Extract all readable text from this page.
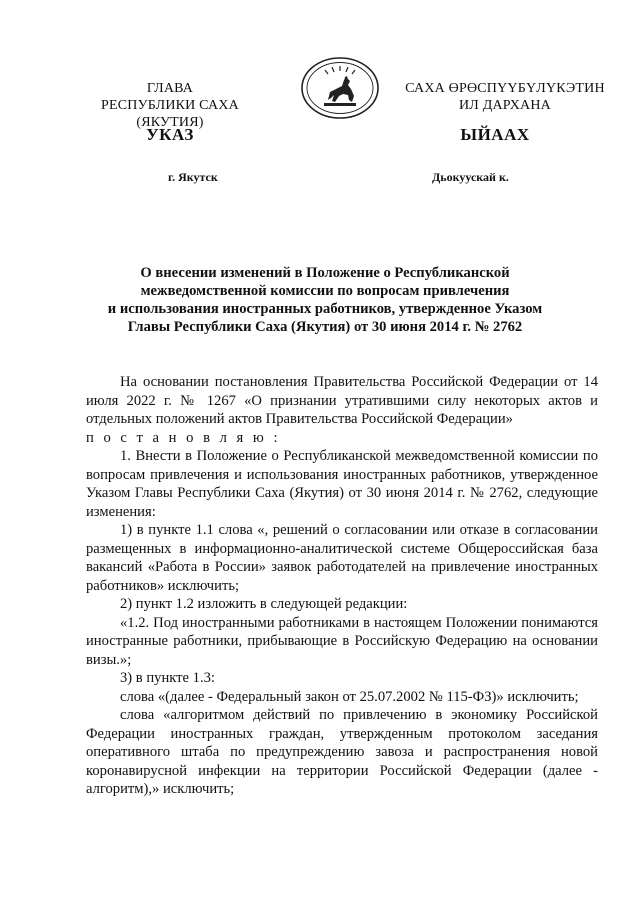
ГЛАВА
РЕСПУБЛИКИ САХА (ЯКУТИЯ)
САХА ӨРӨСПYYБYЛYКЭТИН
ИЛ ДАРХАНА
УКАЗ	ЫЙААХ
г. Якутск	Дьокуускай к.
О внесении изменений в Положение о Республиканской
межведомственной комиссии по вопросам привлечения
и использования иностранных работников, утвержденное Указом
Главы Республики Саха (Якутия) от 30 июня 2014 г. № 2762

На основании постановления Правительства Российской Федерации от 14 июля 2022 г. № 1267 «О признании утратившими силу некоторых актов и отдельных положений актов Правительства Российской Федерации»

п о с т а н о в л я ю :

1. Внести в Положение о Республиканской межведомственной комиссии по вопросам привлечения и использования иностранных работников, утвержденное Указом Главы Республики Саха (Якутия) от 30 июня 2014 г. № 2762, следующие изменения:

1) в пункте 1.1 слова «, решений о согласовании или отказе в согласовании размещенных в информационно-аналитической системе Общероссийская база вакансий «Работа в России» заявок работодателей на привлечение иностранных работников» исключить;

2) пункт 1.2 изложить в следующей редакции:

«1.2. Под иностранными работниками в настоящем Положении понимаются иностранные работники, прибывающие в Российскую Федерацию на основании визы.»;

3) в пункте 1.3:

слова «(далее - Федеральный закон от 25.07.2002 № 115-ФЗ)» исключить;

слова «алгоритмом действий по привлечению в экономику Российской Федерации иностранных граждан, утвержденным протоколом заседания оперативного штаба по предупреждению завоза и распространения новой коронавирусной инфекции на территории Российской Федерации (далее - алгоритм),» исключить;
